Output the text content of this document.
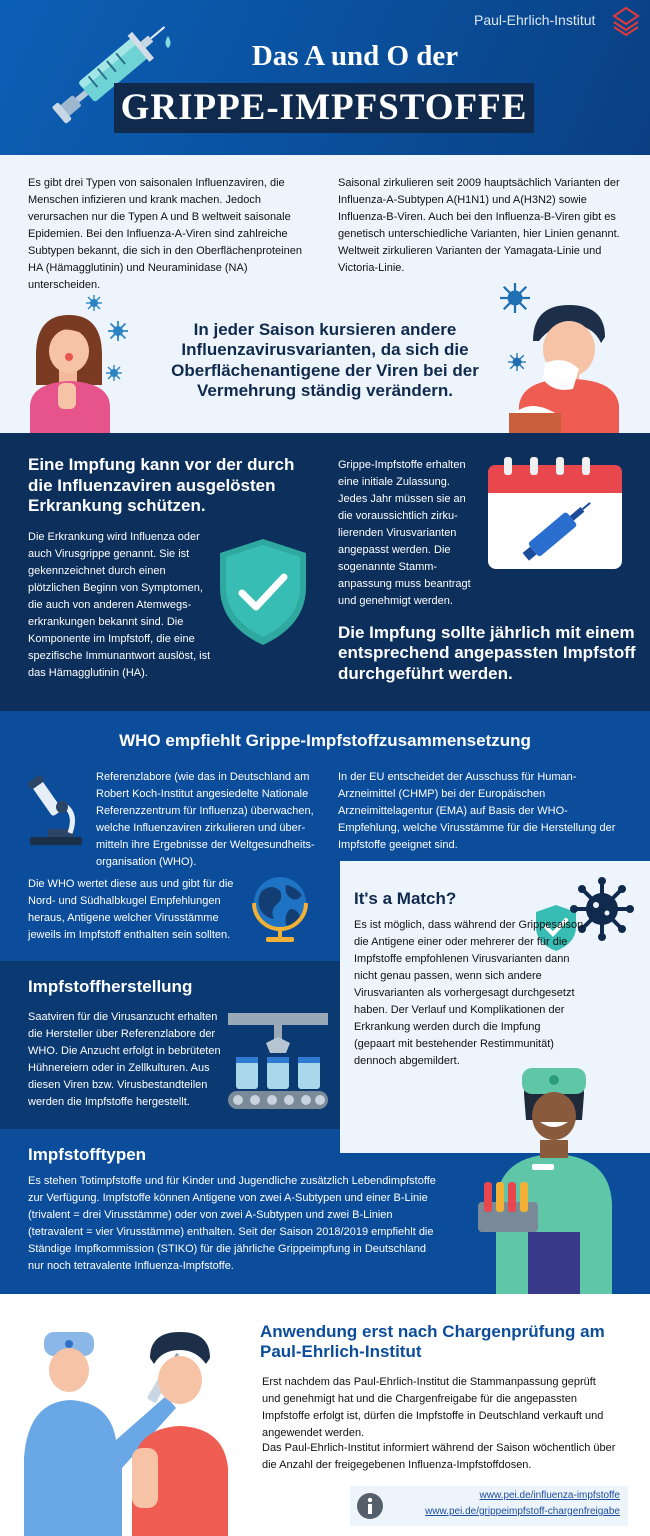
Paul-Ehrlich-Institut
Das A und O der
GRIPPE-IMPFSTOFFE
Es gibt drei Typen von saisonalen Influenzaviren, die Menschen infizieren und krank machen. Jedoch verursachen nur die Typen A und B weltweit saisonale Epidemien. Bei den Influenza-A-Viren sind zahlreiche Subtypen bekannt, die sich in den Oberflächenproteinen HA (Hämagglutinin) und Neuraminidase (NA) unterscheiden.
Saisonal zirkulieren seit 2009 hauptsächlich Varianten der Influenza-A-Subtypen A(H1N1) und A(H3N2) sowie Influenza-B-Viren. Auch bei den Influenza-B-Viren gibt es genetisch unterschiedliche Varianten, hier Linien genannt. Weltweit zirkulieren Varianten der Yamagata-Linie und Victoria-Linie.
In jeder Saison kursieren andere Influenzavirusvarianten, da sich die Oberflächenantigene der Viren bei der Vermehrung ständig verändern.
Eine Impfung kann vor der durch die Influenzaviren ausgelösten Erkrankung schützen.
Die Erkrankung wird Influenza oder auch Virusgrippe genannt. Sie ist gekennzeichnet durch einen plötzlichen Beginn von Symptomen, die auch von anderen Atemwegs-erkrankungen bekannt sind. Die Komponente im Impfstoff, die eine spezifische Immunantwort auslöst, ist das Hämagglutinin (HA).
Grippe-Impfstoffe erhalten eine initiale Zulassung. Jedes Jahr müssen sie an die voraussichtlich zirku-lierenden Virusvarianten angepasst werden. Die sogenannte Stamm-anpassung muss beantragt und genehmigt werden.
Die Impfung sollte jährlich mit einem entsprechend angepassten Impfstoff durchgeführt werden.
WHO empfiehlt Grippe-Impfstoffzusammensetzung
Referenzlabore (wie das in Deutschland am Robert Koch-Institut angesiedelte Nationale Referenzzentrum für Influenza) überwachen, welche Influenzaviren zirkulieren und über-mitteln ihre Ergebnisse der Weltgesundheits-organisation (WHO).
Die WHO wertet diese aus und gibt für die Nord- und Südhalbkugel Empfehlungen heraus, Antigene welcher Virusstämme jeweils im Impfstoff enthalten sein sollten.
In der EU entscheidet der Ausschuss für Human-Arzneimittel (CHMP) bei der Europäischen Arzneimittelagentur (EMA) auf Basis der WHO-Empfehlung, welche Virusstämme für die Herstellung der Impfstoffe geeignet sind.
Impfstoffherstellung
Saatviren für die Virusanzucht erhalten die Hersteller über Referenzlabore der WHO. Die Anzucht erfolgt in bebrüteten Hühnereiern oder in Zellkulturen. Aus diesen Viren bzw. Virusbestandteilen werden die Impfstoffe hergestellt.
Impfstofftypen
Es stehen Totimpfstoffe und für Kinder und Jugendliche zusätzlich Lebendimpfstoffe zur Verfügung. Impfstoffe können Antigene von zwei A-Subtypen und einer B-Linie (trivalent = drei Virusstämme) oder von zwei A-Subtypen und zwei B-Linien (tetravalent = vier Virusstämme) enthalten. Seit der Saison 2018/2019 empfiehlt die Ständige Impfkommission (STIKO) für die jährliche Grippeimpfung in Deutschland nur noch tetravalente Influenza-Impfstoffe.
It's a Match?
Es ist möglich, dass während der Grippesaison die Antigene einer oder mehrerer der für die Impfstoffe empfohlenen Virusvarianten dann nicht genau passen, wenn sich andere Virusvarianten als vorhergesagt durchgesetzt haben. Der Verlauf und Komplikationen der Erkrankung werden durch die Impfung (gepaart mit bestehender Restimmunität) dennoch abgemildert.
Anwendung erst nach Chargenprüfung am Paul-Ehrlich-Institut
Erst nachdem das Paul-Ehrlich-Institut die Stammanpassung geprüft und genehmigt hat und die Chargenfreigabe für die angepassten Impfstoffe erfolgt ist, dürfen die Impfstoffe in Deutschland verkauft und angewendet werden.
Das Paul-Ehrlich-Institut informiert während der Saison wöchentlich über die Anzahl der freigegebenen Influenza-Impfstoffdosen.
www.pei.de/influenza-impfstoffe
www.pei.de/grippeimpfstoff-chargenfreigabe
